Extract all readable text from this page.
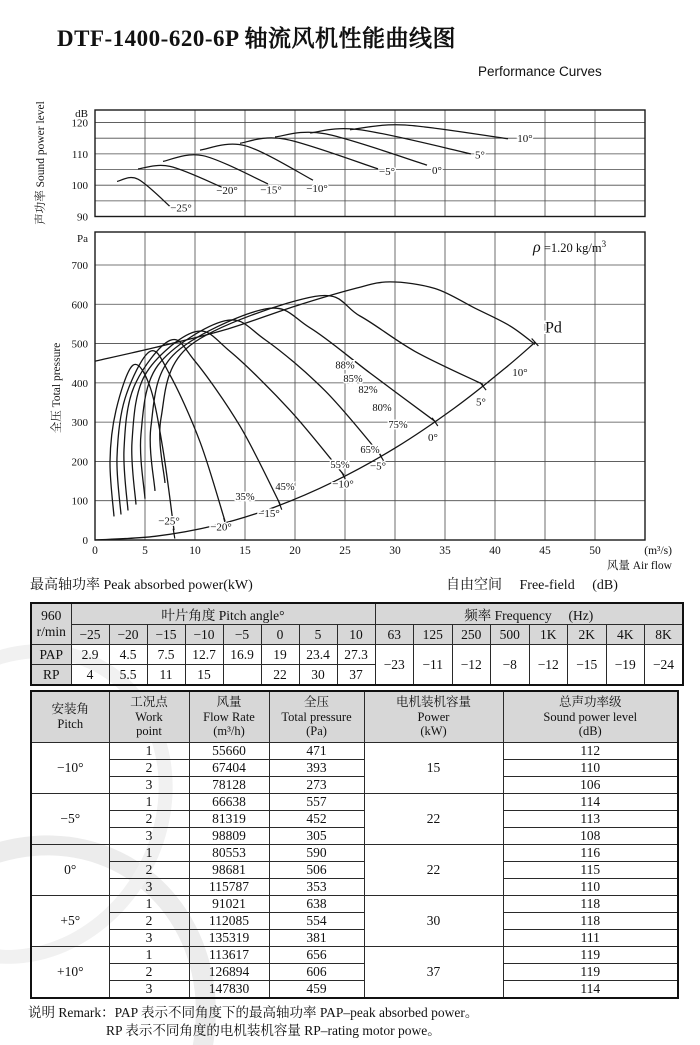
DTF-1400-620-6P 轴流风机性能曲线图
Performance Curves
90
100
110
120
dB
声功率 Sound power level	−25°
−20° −15° −10°
−5°	0°
5°
10°
0
100
200
300
400
500
600
700
Pa
全压 Total pressure
0	5	10	15	20	25	30	35	40	45	50	(m³/s)
风量 Air flow
ρ =1.20 $kg/m^3$
Pd
−25°
−20°
−15°
−10°
−5°
0°
5°
10°
88%
85%
82%
80%
75%
65%
55%
45%
35%
最高轴功率 Peak absorbed power(kW)	自由空间　 Free-field　 (dB)
960
r/min	叶片角度 Pitch angle°								频率 Frequency　 (Hz)							
	−25	−20	−15	−10	−5	0	5	10	63	125	250	500	1K	2K	4K	8K
PAP	2.9	4.5	7.5	12.7	16.9	19	23.4	27.3	−23	−11	−12	−8	−12	−15	−19	−24
RP	4	5.5	11	15		22	30	37								
安装角
Pitch	工况点
Work
point	风量
Flow Rate
(m³/h)	全压
Total pressure
(Pa)	电机装机容量
Power
(kW)	总声功率级
Sound power level
(dB)
−10°	1	55660	471	15	112
	2	67404	393		110
	3	78128	273		106
−5°	1	66638	557	22	114
	2	81319	452		113
	3	98809	305		108
0°	1	80553	590	22	116
	2	98681	506		115
	3	115787	353		110
+5°	1	91021	638	30	118
	2	112085	554		118
	3	135319	381		111
+10°	1	113617	656	37	119
	2	126894	606		119
	3	147830	459		114
说明 Remark：PAP 表示不同角度下的最高轴功率 PAP–peak absorbed power。
RP 表示不同角度的电机装机容量 RP–rating motor powe。
